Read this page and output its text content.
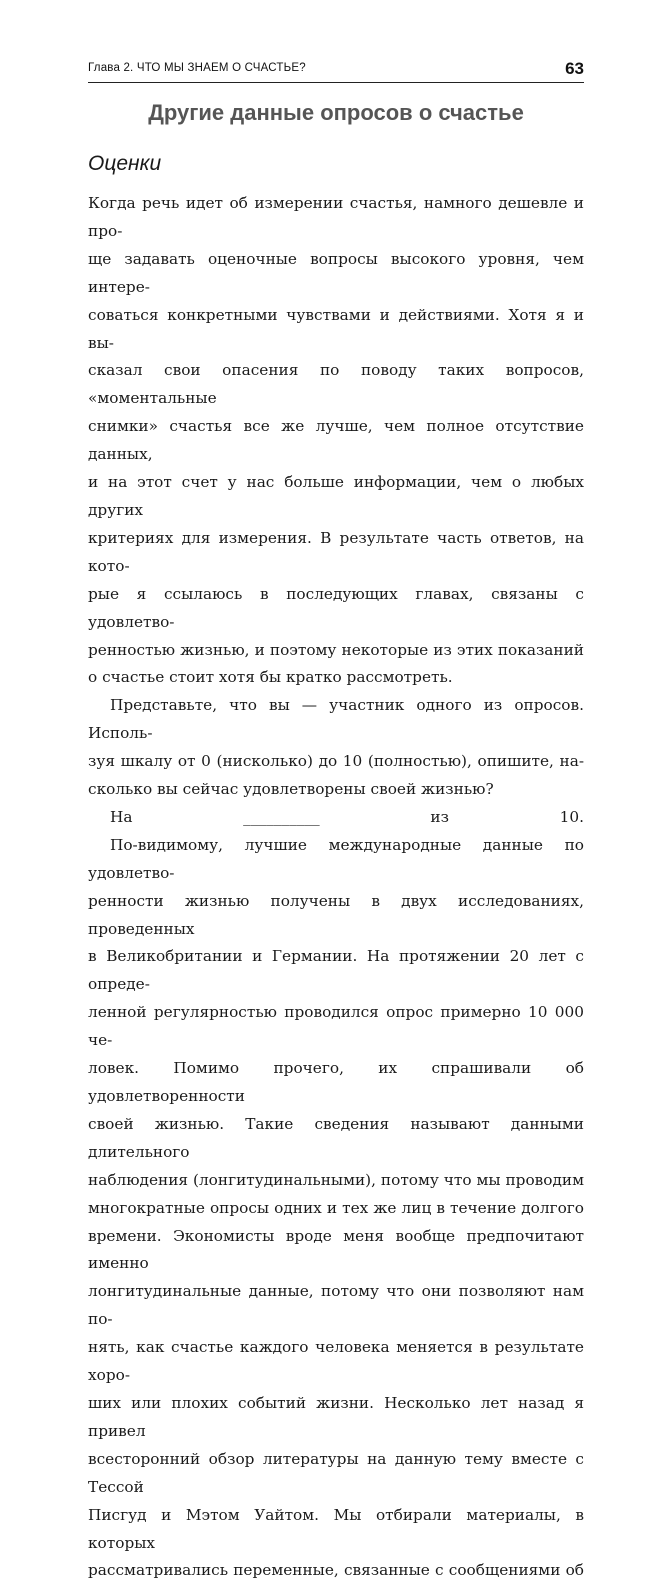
Глава 2. ЧТО МЫ ЗНАЕМ О СЧАСТЬЕ?	63
Другие данные опросов о счастье
Оценки

Когда речь идет об измерении счастья, намного дешевле и про-

ще задавать оценочные вопросы высокого уровня, чем интере-

соваться конкретными чувствами и действиями. Хотя я и вы-

сказал свои опасения по поводу таких вопросов, «моментальные

снимки» счастья все же лучше, чем полное отсутствие данных,

и на этот счет у нас больше информации, чем о любых других

критериях для измерения. В результате часть ответов, на кото-

рые я ссылаюсь в последующих главах, связаны с удовлетво-

ренностью жизнью, и поэтому некоторые из этих показаний

о счастье стоит хотя бы кратко рассмотреть.

Представьте, что вы — участник одного из опросов. Исполь-

зуя шкалу от 0 (нисколько) до 10 (полностью), опишите, на-

сколько вы сейчас удовлетворены своей жизнью?

На __________ из 10.

По-видимому, лучшие международные данные по удовлетво-

ренности жизнью получены в двух исследованиях, проведенных

в Великобритании и Германии. На протяжении 20 лет с опреде-

ленной регулярностью проводился опрос примерно 10 000 че-

ловек. Помимо прочего, их спрашивали об удовлетворенности

своей жизнью. Такие сведения называют данными длительного

наблюдения (лонгитудинальными), потому что мы проводим

многократные опросы одних и тех же лиц в течение долгого

времени. Экономисты вроде меня вообще предпочитают именно

лонгитудинальные данные, потому что они позволяют нам по-

нять, как счастье каждого человека меняется в результате хоро-

ших или плохих событий жизни. Несколько лет назад я привел

всесторонний обзор литературы на данную тему вместе с Тессой

Писгуд и Мэтом Уайтом. Мы отбирали материалы, в которых

рассматривались переменные, связанные с сообщениями об
